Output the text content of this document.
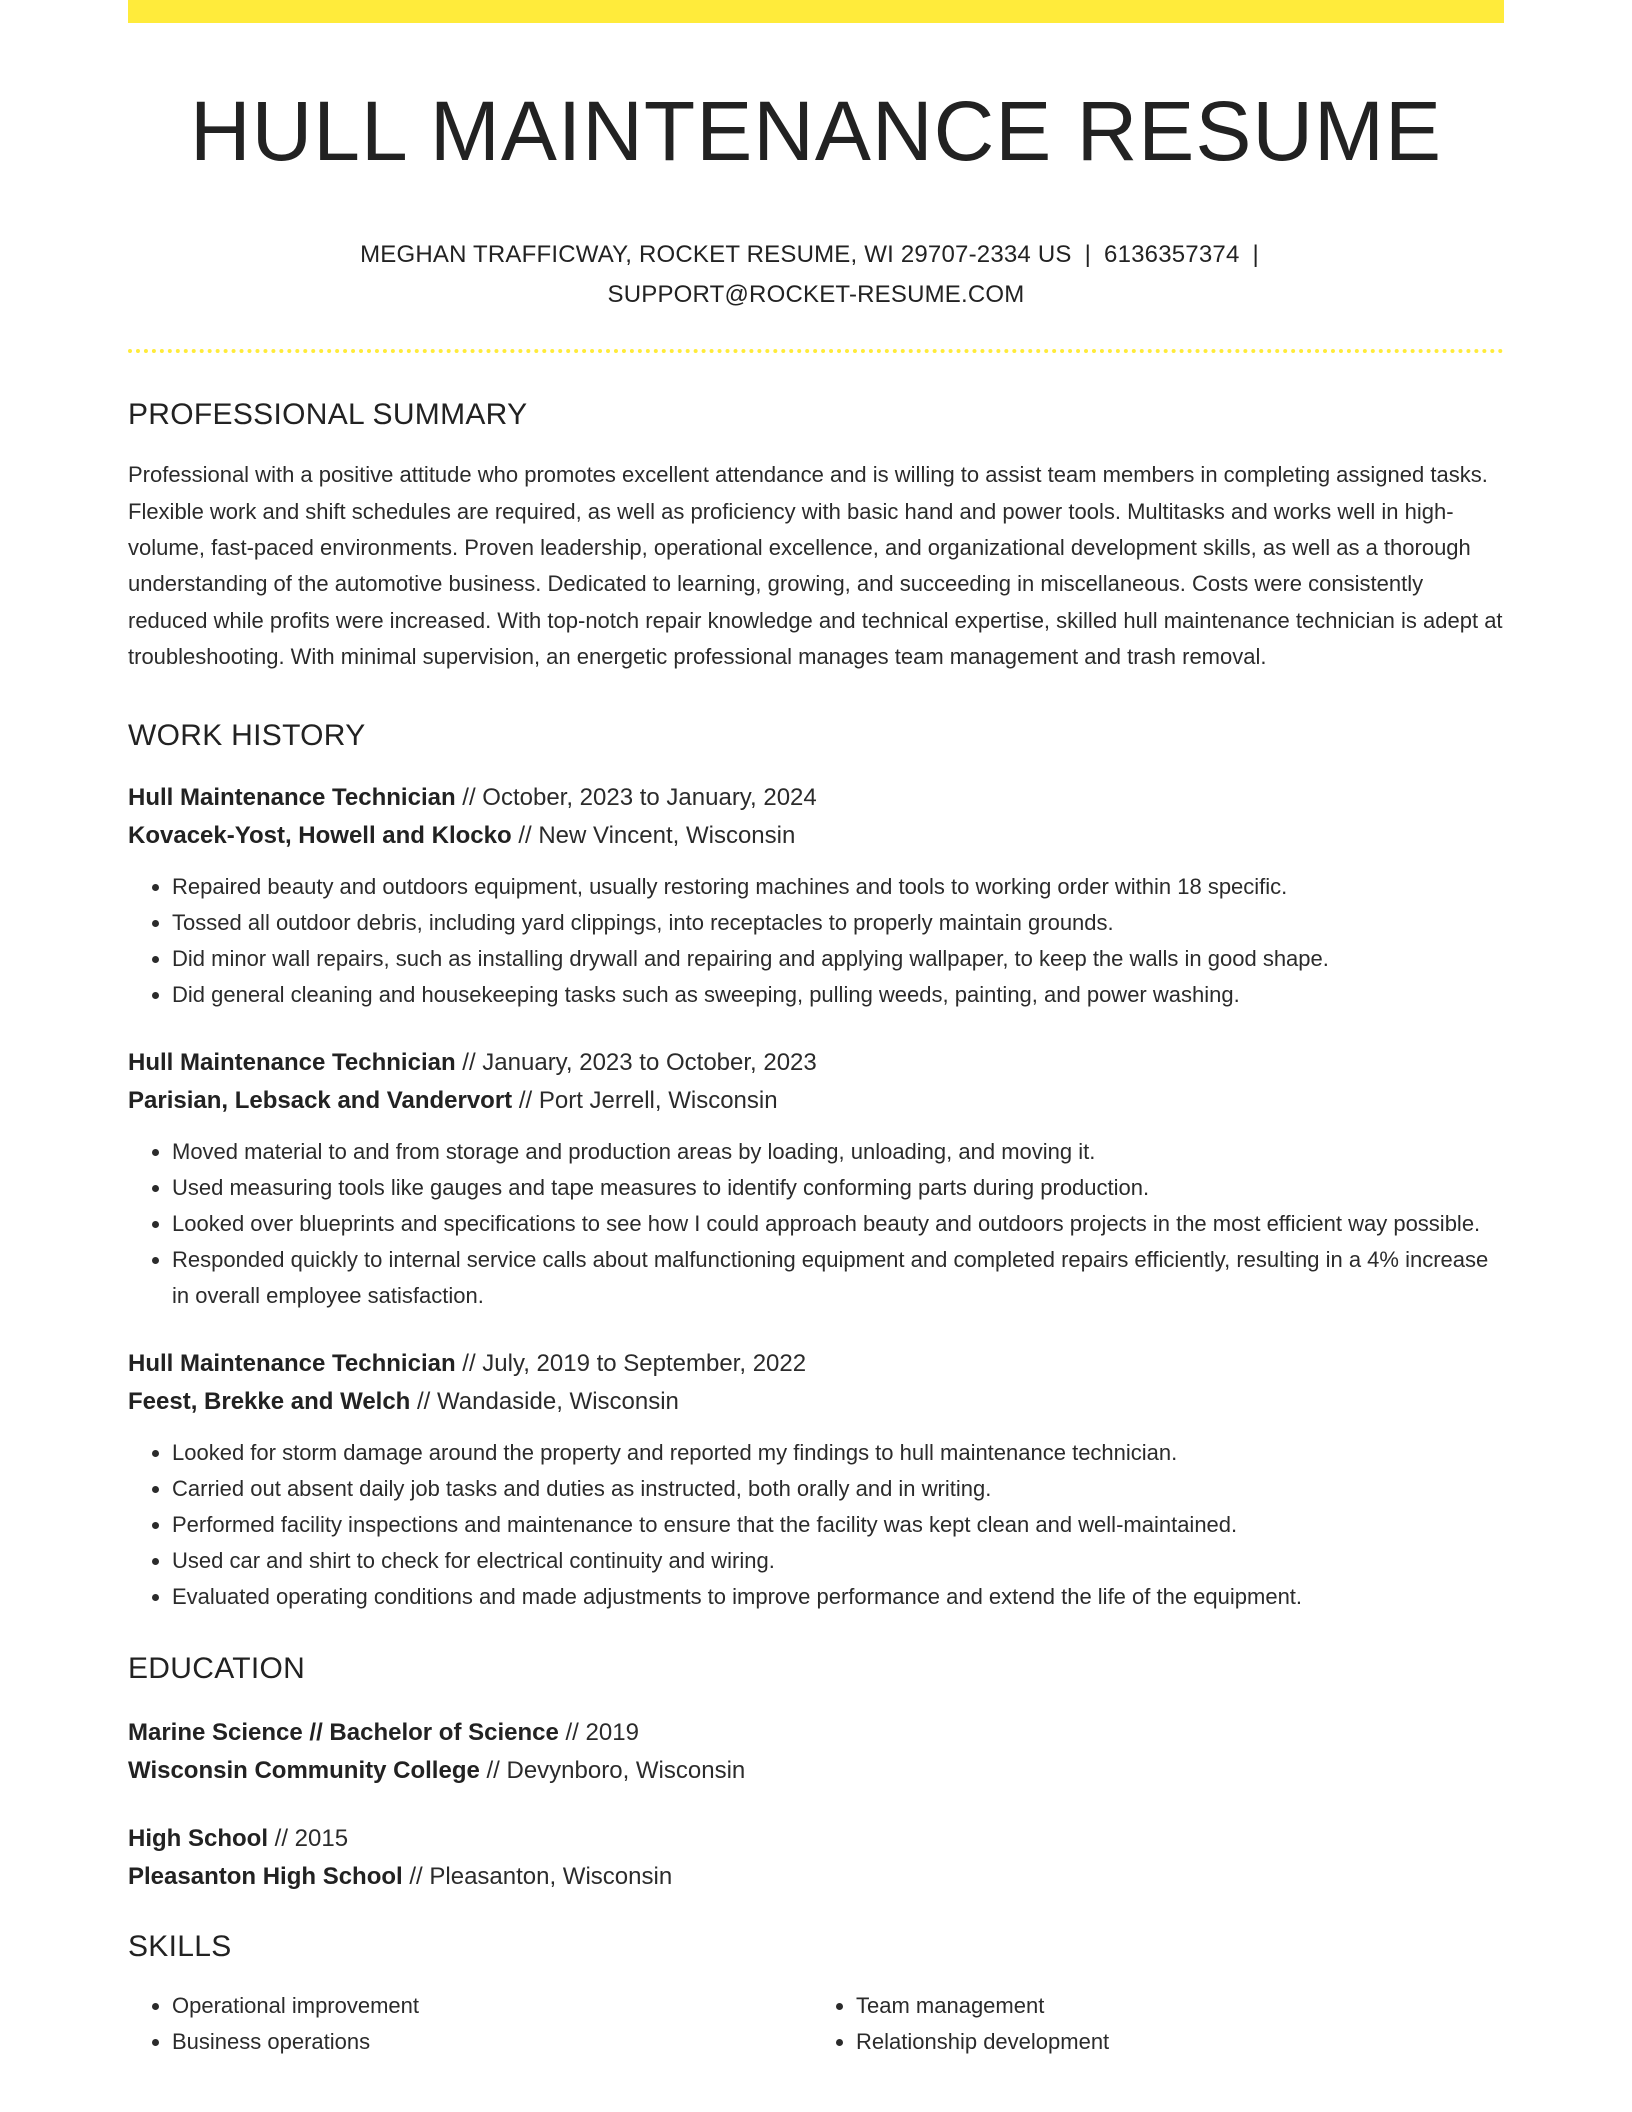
HULL MAINTENANCE RESUME
MEGHAN TRAFFICWAY, ROCKET RESUME, WI 29707-2334 US | 6136357374 |
SUPPORT@ROCKET-RESUME.COM
PROFESSIONAL SUMMARY

Professional with a positive attitude who promotes excellent attendance and is willing to assist team members in completing assigned tasks. Flexible work and shift schedules are required, as well as proficiency with basic hand and power tools. Multitasks and works well in high-volume, fast-paced environments. Proven leadership, operational excellence, and organizational development skills, as well as a thorough understanding of the automotive business. Dedicated to learning, growing, and succeeding in miscellaneous. Costs were consistently reduced while profits were increased. With top-notch repair knowledge and technical expertise, skilled hull maintenance technician is adept at troubleshooting. With minimal supervision, an energetic professional manages team management and trash removal.

WORK HISTORY
Hull Maintenance Technician // October, 2023 to January, 2024
Kovacek-Yost, Howell and Klocko // New Vincent, Wisconsin
• Repaired beauty and outdoors equipment, usually restoring machines and tools to working order within 18 specific.
• Tossed all outdoor debris, including yard clippings, into receptacles to properly maintain grounds.
• Did minor wall repairs, such as installing drywall and repairing and applying wallpaper, to keep the walls in good shape.
• Did general cleaning and housekeeping tasks such as sweeping, pulling weeds, painting, and power washing.
Hull Maintenance Technician // January, 2023 to October, 2023
Parisian, Lebsack and Vandervort // Port Jerrell, Wisconsin
• Moved material to and from storage and production areas by loading, unloading, and moving it.
• Used measuring tools like gauges and tape measures to identify conforming parts during production.
• Looked over blueprints and specifications to see how I could approach beauty and outdoors projects in the most efficient way possible.
• Responded quickly to internal service calls about malfunctioning equipment and completed repairs efficiently, resulting in a 4% increase in overall employee satisfaction.
Hull Maintenance Technician // July, 2019 to September, 2022
Feest, Brekke and Welch // Wandaside, Wisconsin
• Looked for storm damage around the property and reported my findings to hull maintenance technician.
• Carried out absent daily job tasks and duties as instructed, both orally and in writing.
• Performed facility inspections and maintenance to ensure that the facility was kept clean and well-maintained.
• Used car and shirt to check for electrical continuity and wiring.
• Evaluated operating conditions and made adjustments to improve performance and extend the life of the equipment.
EDUCATION
Marine Science // Bachelor of Science // 2019
Wisconsin Community College // Devynboro, Wisconsin
High School // 2015
Pleasanton High School // Pleasanton, Wisconsin
SKILLS
• Operational improvement
• Business operations
• Team management
• Relationship development
